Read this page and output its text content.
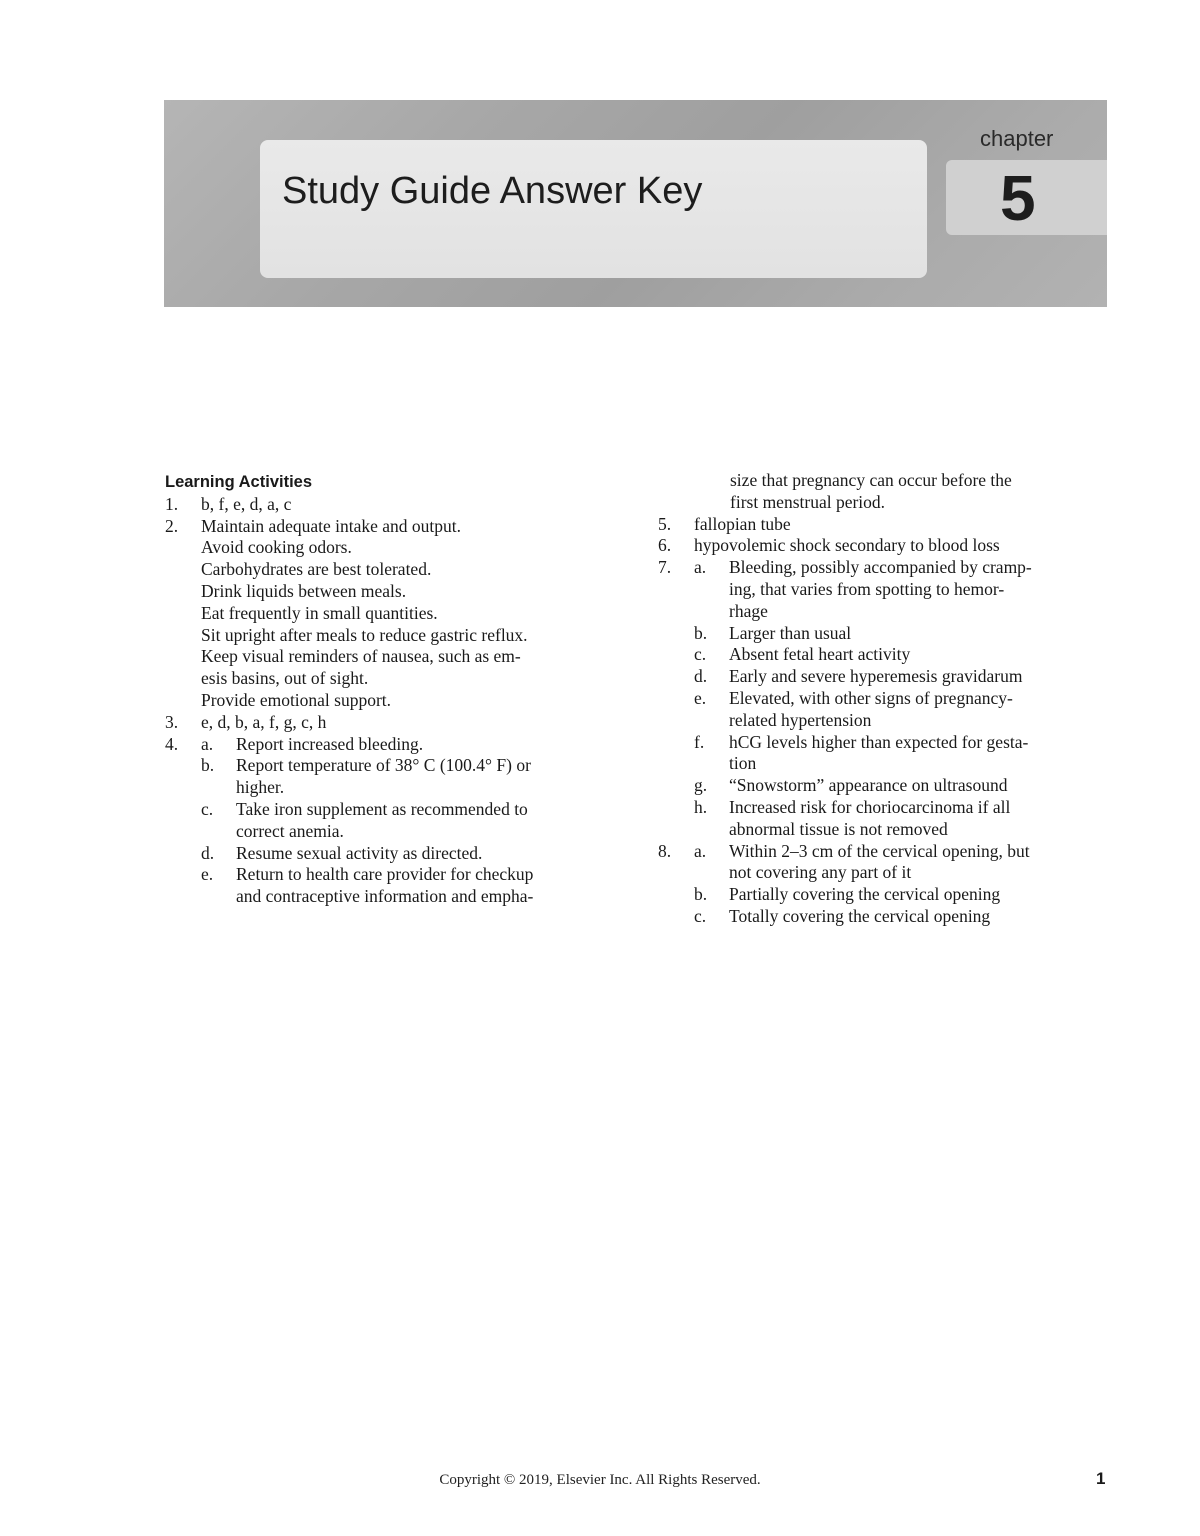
Study Guide Answer Key
chapter
5
Learning Activities
1.	b, f, e, d, a, c
2.	Maintain adequate intake and output.
Avoid cooking odors.
Carbohydrates are best tolerated.
Drink liquids between meals.
Eat frequently in small quantities.
Sit upright after meals to reduce gastric reflux.
Keep visual reminders of nausea, such as em-
esis basins, out of sight.
Provide emotional support.
3.	e, d, b, a, f, g, c, h
4.	a.	Report increased bleeding.
b.	Report temperature of 38° C (100.4° F) or
higher.
c.	Take iron supplement as recommended to
correct anemia.
d.	Resume sexual activity as directed.
e.	Return to health care provider for checkup
and contraceptive information and empha-
size that pregnancy can occur before the
first menstrual period.
5.	fallopian tube
6.	hypovolemic shock secondary to blood loss
7.	a.	Bleeding, possibly accompanied by cramp-
ing, that varies from spotting to hemor-
rhage
b.	Larger than usual
c.	Absent fetal heart activity
d.	Early and severe hyperemesis gravidarum
e.	Elevated, with other signs of pregnancy-
related hypertension
f.	hCG levels higher than expected for gesta-
tion
g.	“Snowstorm” appearance on ultrasound
h.	Increased risk for choriocarcinoma if all
abnormal tissue is not removed
8.	a.	Within 2–3 cm of the cervical opening, but
not covering any part of it
b.	Partially covering the cervical opening
c.	Totally covering the cervical opening
Copyright © 2019, Elsevier Inc. All Rights Reserved.	1
